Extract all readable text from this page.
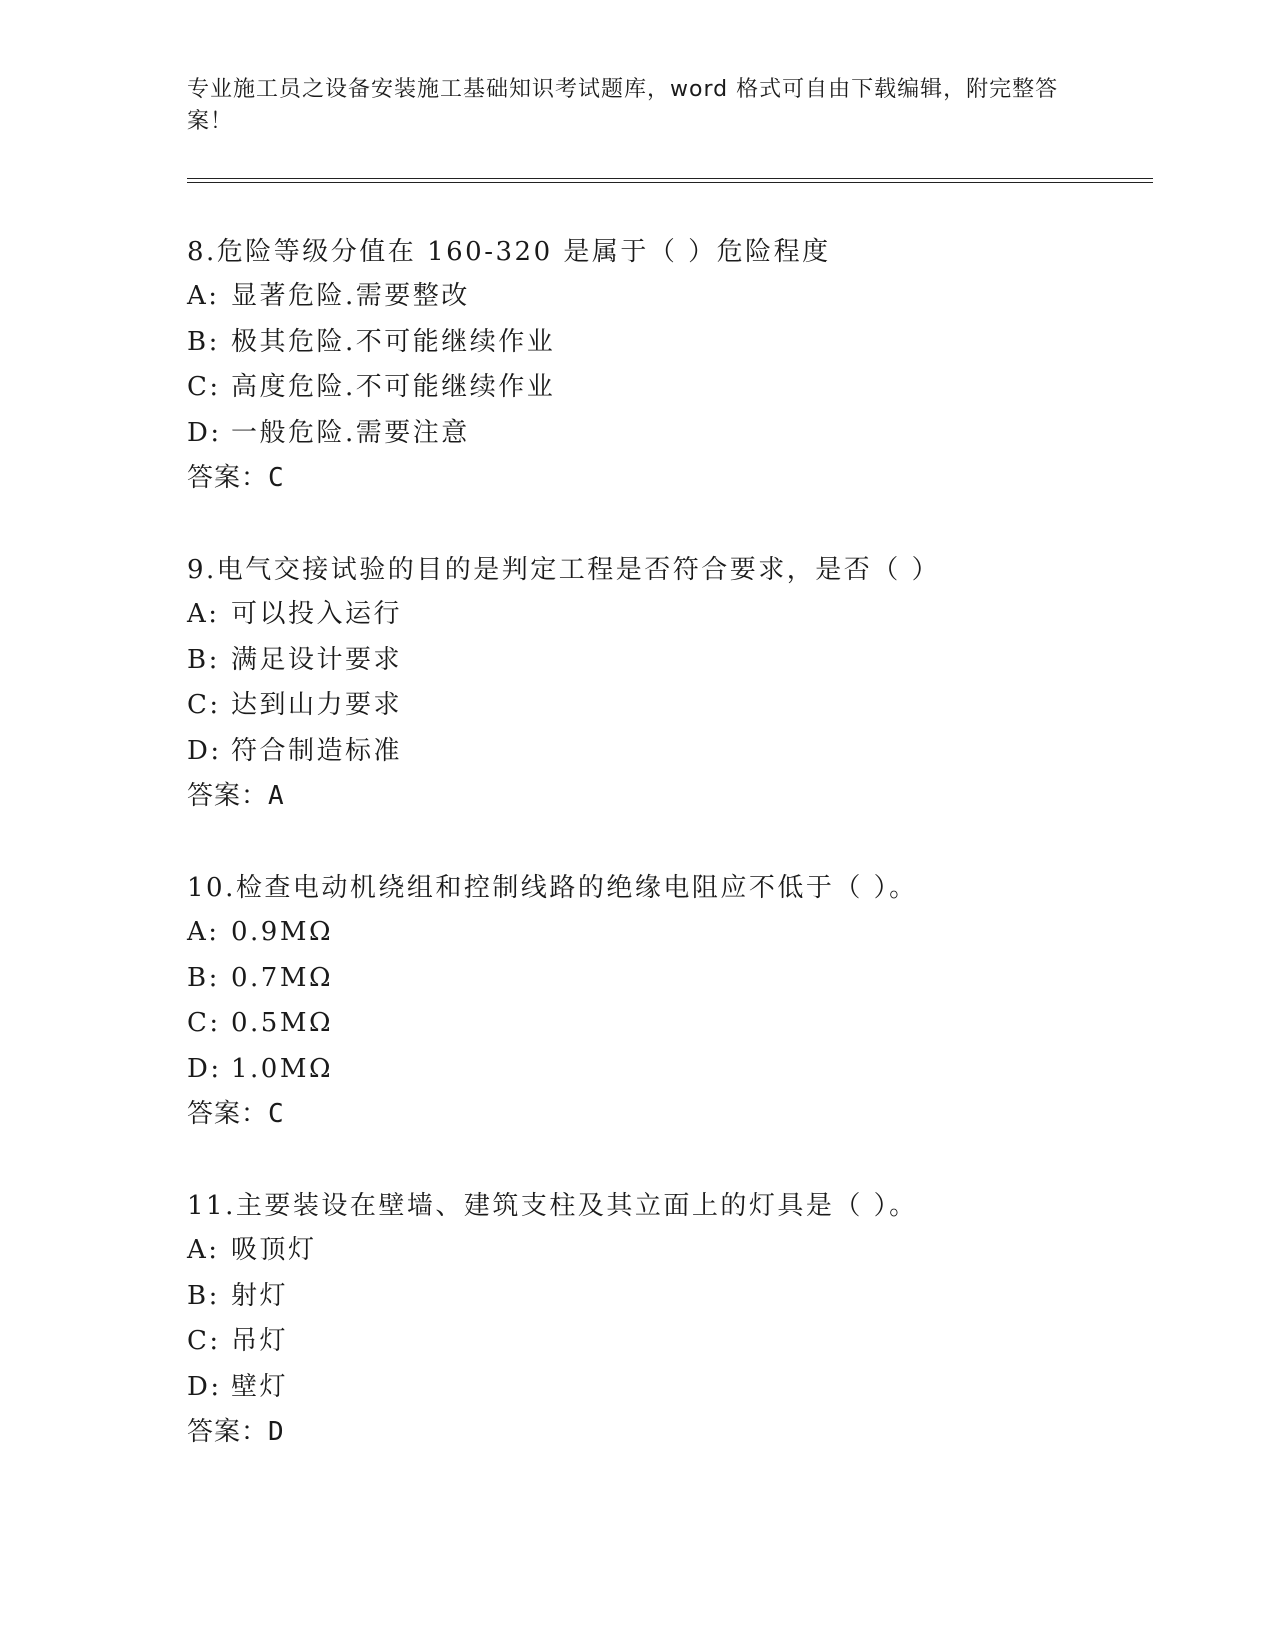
专业施工员之设备安装施工基础知识考试题库，word 格式可自由下载编辑，附完整答案！
8.危险等级分值在 160-320 是属于（ ）危险程度
A: 显著危险.需要整改
B: 极其危险.不可能继续作业
C: 高度危险.不可能继续作业
D: 一般危险.需要注意
答案：C
9.电气交接试验的目的是判定工程是否符合要求，是否（ ）
A: 可以投入运行
B: 满足设计要求
C: 达到山力要求
D: 符合制造标准
答案：A
10.检查电动机绕组和控制线路的绝缘电阻应不低于（ ）。
A: 0.9MΩ
B: 0.7MΩ
C: 0.5MΩ
D: 1.0MΩ
答案：C
11.主要装设在壁墙、建筑支柱及其立面上的灯具是（ ）。
A: 吸顶灯
B: 射灯
C: 吊灯
D: 壁灯
答案：D
